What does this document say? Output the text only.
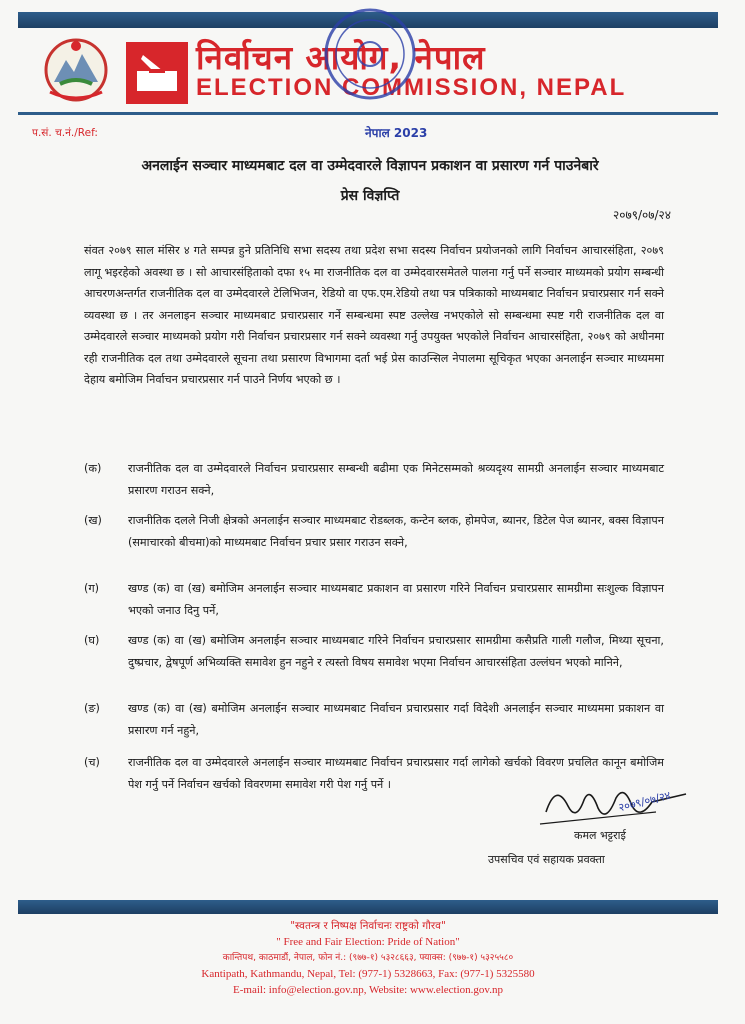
निर्वाचन आयोग, नेपाल
ELECTION COMMISSION, NEPAL
नेपाल 2023
प.सं. च.नं./Ref:
अनलाईन सञ्चार माध्यमबाट दल वा उम्मेदवारले विज्ञापन प्रकाशन वा प्रसारण गर्न पाउनेबारे
प्रेस विज्ञप्ति
२०७९/०७/२४
संवत २०७९ साल मंसिर ४ गते सम्पन्न हुने प्रतिनिधि सभा सदस्य तथा प्रदेश सभा सदस्य निर्वाचन प्रयोजनको लागि निर्वाचन आचारसंहिता, २०७९ लागू भइरहेको अवस्था छ । सो आचारसंहिताको दफा १५ मा राजनीतिक दल वा उम्मेदवारसमेतले पालना गर्नु पर्ने सञ्चार माध्यमको प्रयोग सम्बन्धी आचरणअन्तर्गत राजनीतिक दल वा उम्मेदवारले टेलिभिजन, रेडियो वा एफ.एम.रेडियो तथा पत्र पत्रिकाको माध्यमबाट निर्वाचन प्रचारप्रसार गर्न सक्ने व्यवस्था छ । तर अनलाइन सञ्चार माध्यमबाट प्रचारप्रसार गर्ने सम्बन्धमा स्पष्ट उल्लेख नभएकोले सो सम्बन्धमा स्पष्ट गरी राजनीतिक दल वा उम्मेदवारले सञ्चार माध्यमको प्रयोग गरी निर्वाचन प्रचारप्रसार गर्न सक्ने व्यवस्था गर्नु उपयुक्त भएकोले निर्वाचन आचारसंहिता, २०७९ को अधीनमा रही राजनीतिक दल तथा उम्मेदवारले सूचना तथा प्रसारण विभागमा दर्ता भई प्रेस काउन्सिल नेपालमा सूचिकृत भएका अनलाईन सञ्चार माध्यममा देहाय बमोजिम निर्वाचन प्रचारप्रसार गर्न पाउने निर्णय भएको छ ।
(क) राजनीतिक दल वा उम्मेदवारले निर्वाचन प्रचारप्रसार सम्बन्धी बढीमा एक मिनेटसम्मको श्रव्यदृश्य सामग्री अनलाईन सञ्चार माध्यमबाट प्रसारण गराउन सक्ने,
(ख) राजनीतिक दलले निजी क्षेत्रको अनलाईन सञ्चार माध्यमबाट रोडब्लक, कन्टेन ब्लक, होमपेज, ब्यानर, डिटेल पेज ब्यानर, बक्स विज्ञापन (समाचारको बीचमा)को माध्यमबाट निर्वाचन प्रचार प्रसार गराउन सक्ने,
(ग)	खण्ड (क) वा (ख) बमोजिम अनलाईन सञ्चार माध्यमबाट प्रकाशन वा प्रसारण गरिने निर्वाचन प्रचारप्रसार सामग्रीमा सःशुल्क विज्ञापन भएको जनाउ दिनु पर्ने,
(घ)	खण्ड (क) वा (ख) बमोजिम अनलाईन सञ्चार माध्यमबाट गरिने निर्वाचन प्रचारप्रसार सामग्रीमा कसैप्रति गाली गलौज, मिथ्या सूचना, दुष्प्रचार, द्वेषपूर्ण अभिव्यक्ति समावेश हुन नहुने र त्यस्तो विषय समावेश भएमा निर्वाचन आचारसंहिता उल्लंघन भएको मानिने,
(ङ)	खण्ड (क) वा (ख) बमोजिम अनलाईन सञ्चार माध्यमबाट निर्वाचन प्रचारप्रसार गर्दा विदेशी अनलाईन सञ्चार माध्यममा प्रकाशन वा प्रसारण गर्न नहुने,
(च)	राजनीतिक दल वा उम्मेदवारले अनलाईन सञ्चार माध्यमबाट निर्वाचन प्रचारप्रसार गर्दा लागेको खर्चको विवरण प्रचलित कानून बमोजिम पेश गर्नु पर्ने निर्वाचन खर्चको विवरणमा समावेश गरी पेश गर्नु पर्ने ।
२०७९/०७/२४
कमल भट्टराई
उपसचिव एवं सहायक प्रवक्ता
"स्वतन्त्र र निष्पक्ष निर्वाचनः राष्ट्रको गौरव"
" Free and Fair Election: Pride of Nation"
कान्तिपथ, काठमाडौं, नेपाल, फोन नं.: (९७७-१) ५३२८६६३, फ्याक्स: (९७७-१) ५३२५५८०
Kantipath, Kathmandu, Nepal, Tel: (977-1) 5328663, Fax: (977-1) 5325580
E-mail: info@election.gov.np, Website: www.election.gov.np
